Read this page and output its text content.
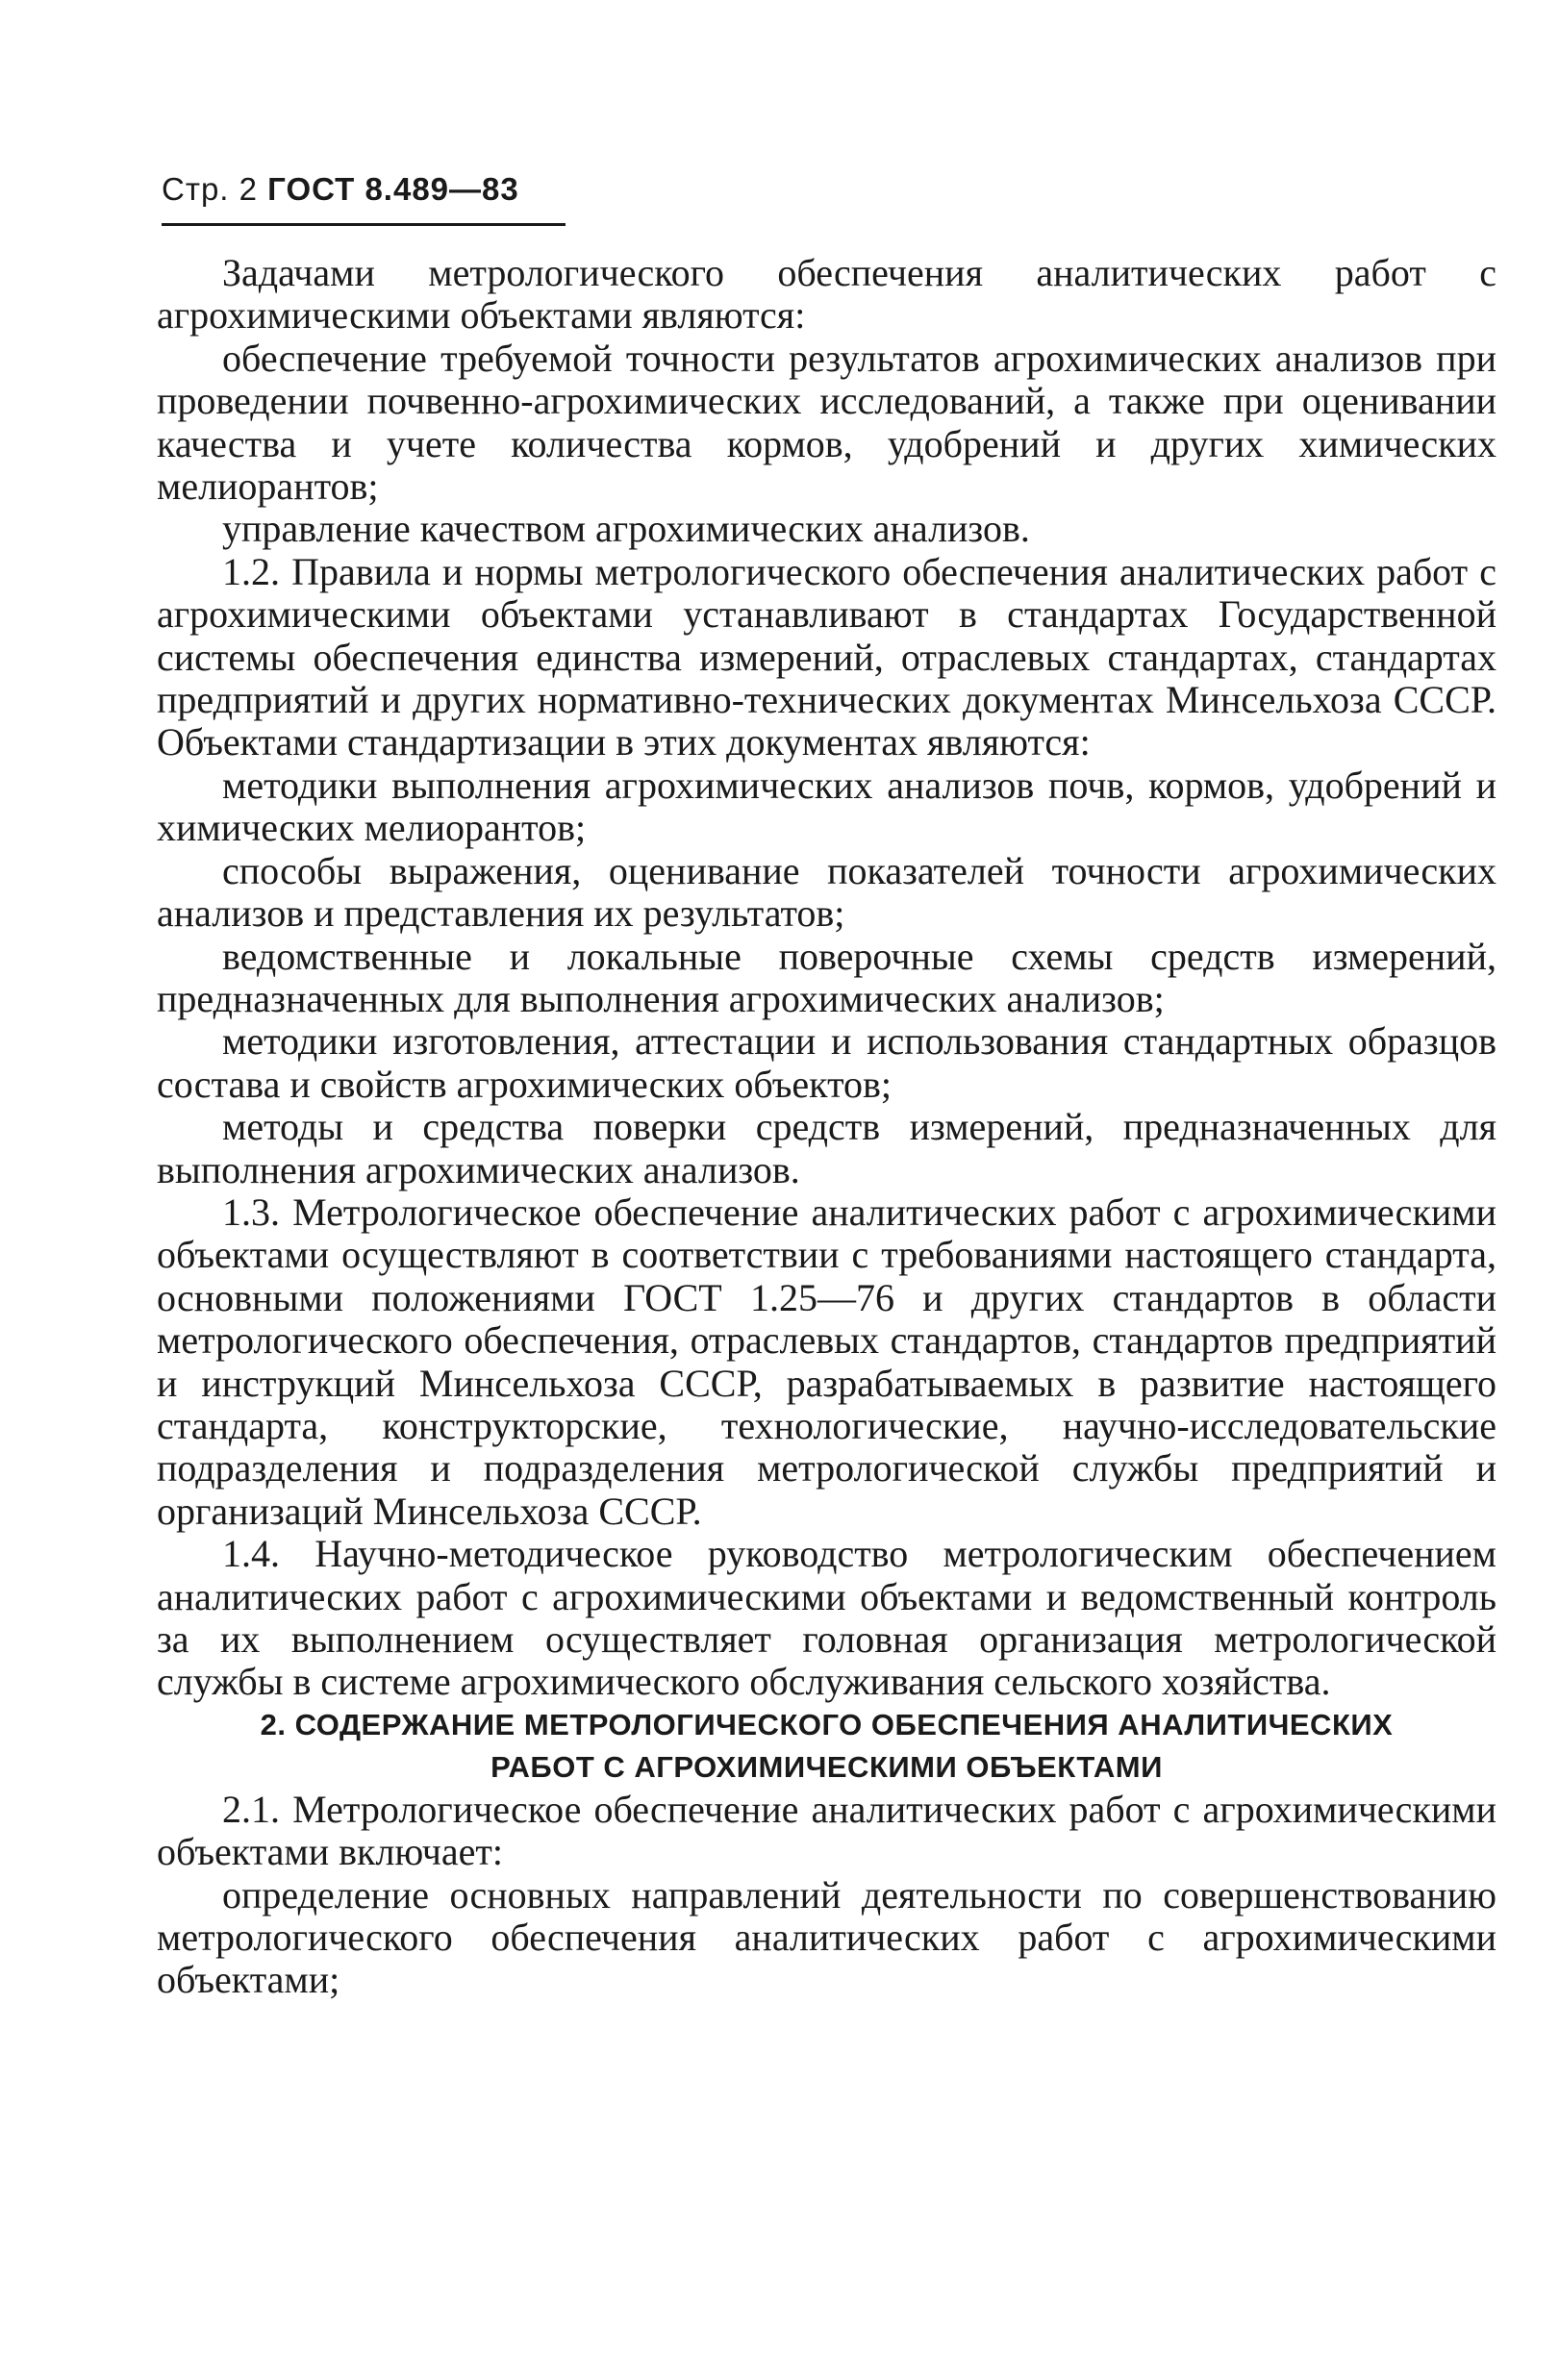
Стр. 2 ГОСТ 8.489—83

Задачами метрологического обеспечения аналитических работ с агрохимическими объектами являются:

обеспечение требуемой точности результатов агрохимических анализов при проведении почвенно-агрохимических исследований, а также при оценивании качества и учете количества кормов, удобрений и других химических мелиорантов;

управление качеством агрохимических анализов.

1.2. Правила и нормы метрологического обеспечения аналитических работ с агрохимическими объектами устанавливают в стандартах Государственной системы обеспечения единства измерений, отраслевых стандартах, стандартах предприятий и других нормативно-технических документах Минсельхоза СССР. Объектами стандартизации в этих документах являются:

методики выполнения агрохимических анализов почв, кормов, удобрений и химических мелиорантов;

способы выражения, оценивание показателей точности агрохимических анализов и представления их результатов;

ведомственные и локальные поверочные схемы средств измерений, предназначенных для выполнения агрохимических анализов;

методики изготовления, аттестации и использования стандартных образцов состава и свойств агрохимических объектов;

методы и средства поверки средств измерений, предназначенных для выполнения агрохимических анализов.

1.3. Метрологическое обеспечение аналитических работ с агрохимическими объектами осуществляют в соответствии с требованиями настоящего стандарта, основными положениями ГОСТ 1.25—76 и других стандартов в области метрологического обеспечения, отраслевых стандартов, стандартов предприятий и инструкций Минсельхоза СССР, разрабатываемых в развитие настоящего стандарта, конструкторские, технологические, научно-исследовательские подразделения и подразделения метрологической службы предприятий и организаций Минсельхоза СССР.

1.4. Научно-методическое руководство метрологическим обеспечением аналитических работ с агрохимическими объектами и ведомственный контроль за их выполнением осуществляет головная организация метрологической службы в системе агрохимического обслуживания сельского хозяйства.

2. СОДЕРЖАНИЕ МЕТРОЛОГИЧЕСКОГО ОБЕСПЕЧЕНИЯ АНАЛИТИЧЕСКИХ
РАБОТ С АГРОХИМИЧЕСКИМИ ОБЪЕКТАМИ

2.1. Метрологическое обеспечение аналитических работ с агрохимическими объектами включает:

определение основных направлений деятельности по совершенствованию метрологического обеспечения аналитических работ с агрохимическими объектами;
